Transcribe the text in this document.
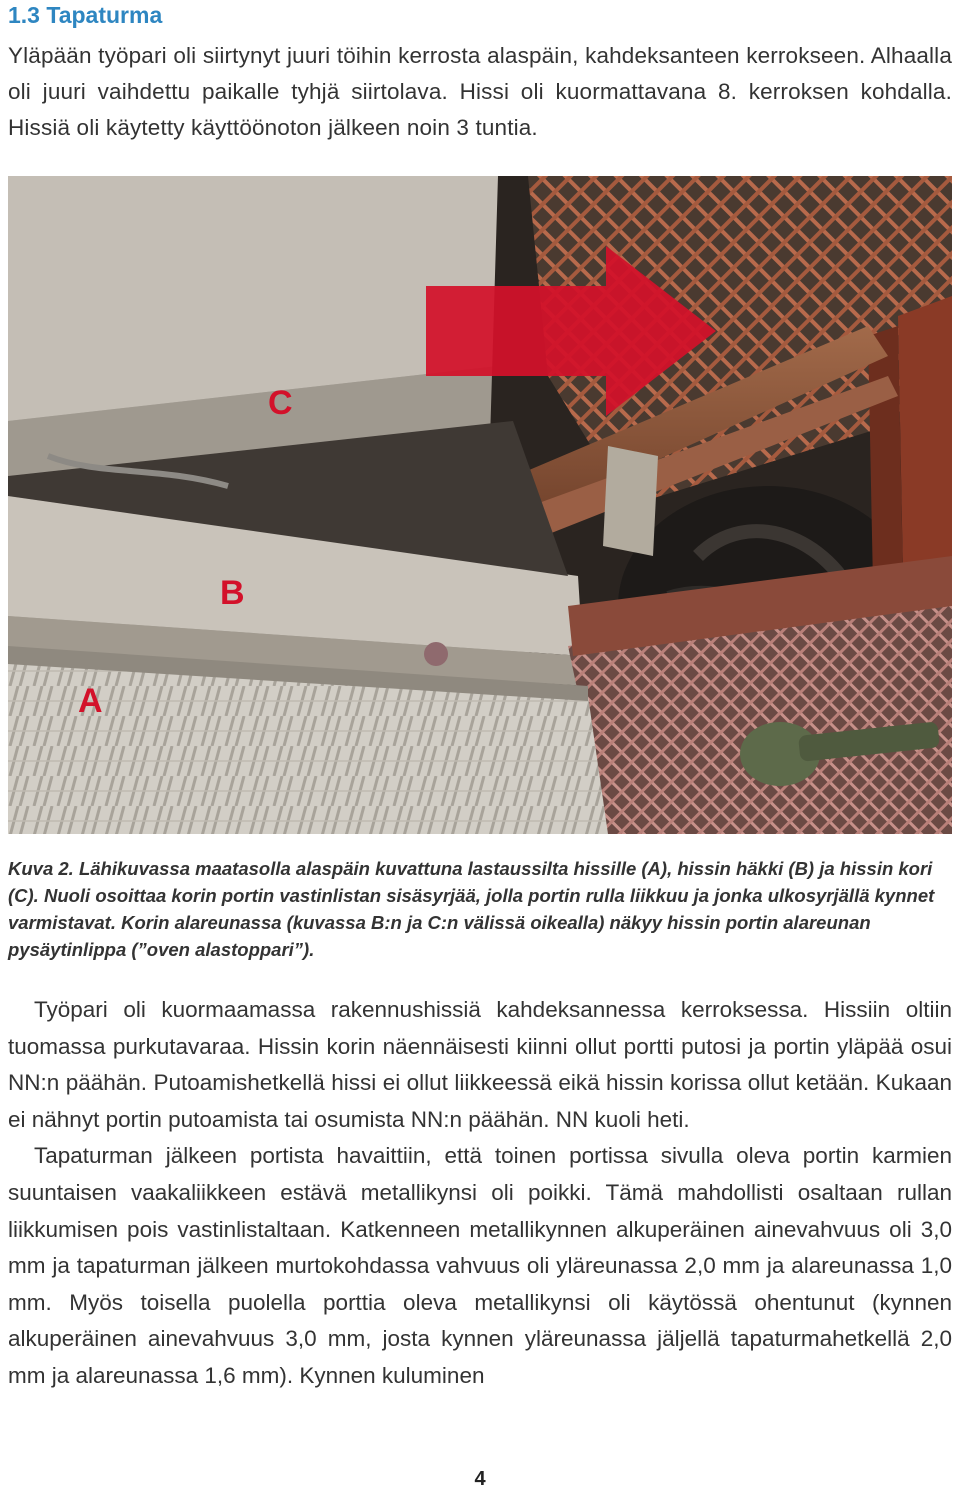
1.3 Tapaturma

Yläpään työpari oli siirtynyt juuri töihin kerrosta alaspäin, kahdeksanteen kerrokseen. Alhaalla oli juuri vaihdettu paikalle tyhjä siirtolava. Hissi oli kuormattavana 8. kerroksen kohdalla. Hissiä oli käytetty käyttöönoton jälkeen noin 3 tuntia.

C
B
A

Kuva 2. Lähikuvassa maatasolla alaspäin kuvattuna lastaussilta hissille (A), hissin häkki (B) ja hissin kori (C). Nuoli osoittaa korin portin vastinlistan sisäsyrjää, jolla portin rulla liikkuu ja jonka ulkosyrjällä kynnet varmistavat. Korin alareunassa (kuvassa B:n ja C:n välissä oikealla) näkyy hissin portin alareunan pysäytinlippa (”oven alastoppari”).

Työpari oli kuormaamassa rakennushissiä kahdeksannessa kerroksessa. Hissiin oltiin tuomassa purkutavaraa. Hissin korin näennäisesti kiinni ollut portti putosi ja portin yläpää osui NN:n päähän. Putoamishetkellä hissi ei ollut liikkeessä eikä hissin korissa ollut ketään. Kukaan ei nähnyt portin putoamista tai osumista NN:n päähän. NN kuoli heti.

Tapaturman jälkeen portista havaittiin, että toinen portissa sivulla oleva portin karmien suuntaisen vaakaliikkeen estävä metallikynsi oli poikki. Tämä mahdollisti osaltaan rullan liikkumisen pois vastinlistaltaan. Katkenneen metallikynnen alkuperäinen ainevahvuus oli 3,0 mm ja tapaturman jälkeen murtokohdassa vahvuus oli yläreunassa 2,0 mm ja alareunassa 1,0 mm. Myös toisella puolella porttia oleva metallikynsi oli käytössä ohentunut (kynnen alkuperäinen ainevahvuus 3,0 mm, josta kynnen yläreunassa jäljellä tapaturmahetkellä 2,0 mm ja alareunassa 1,6 mm). Kynnen kuluminen

4
